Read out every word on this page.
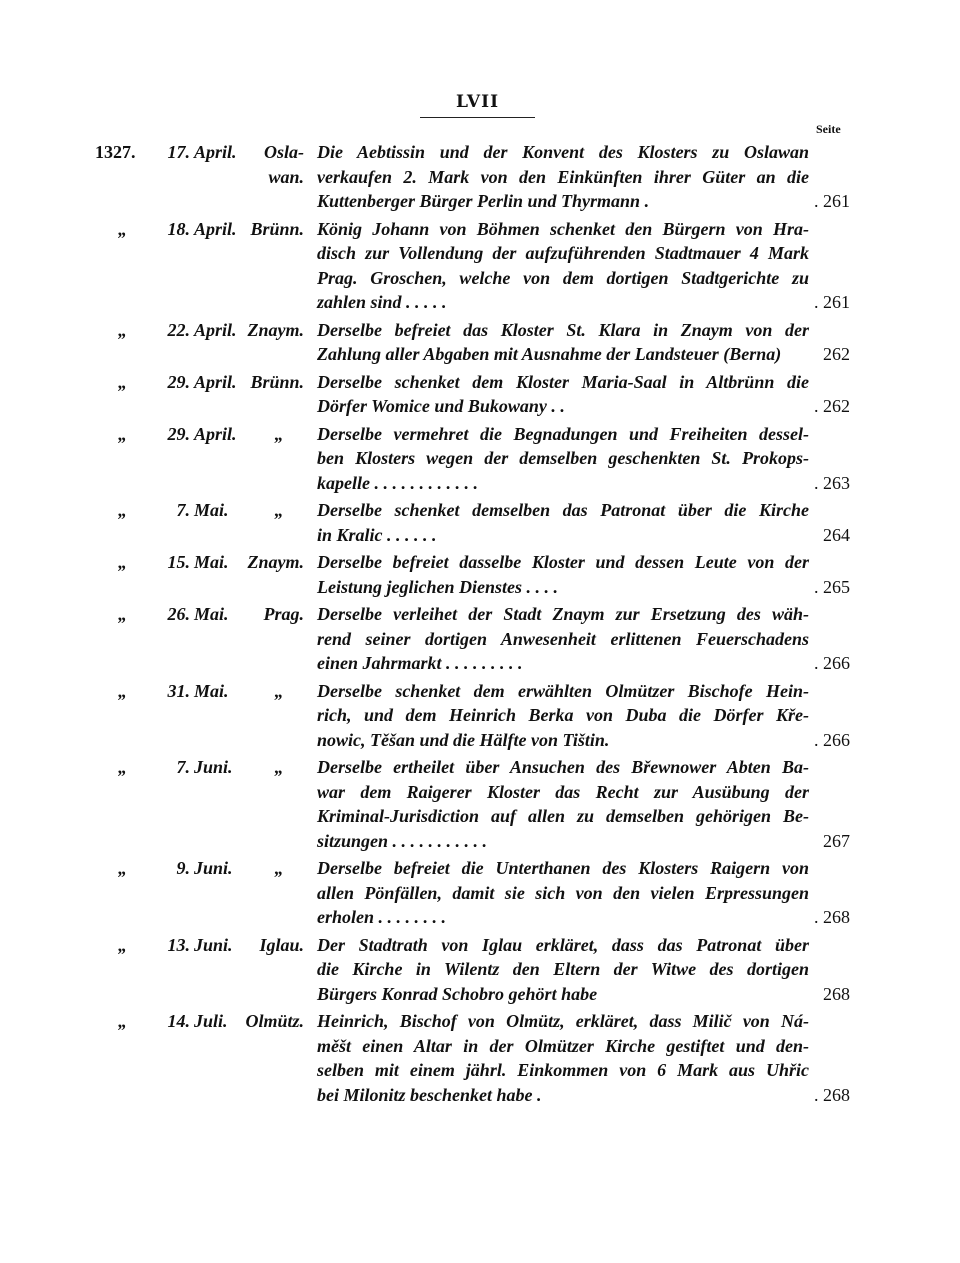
LVII
Seite
1327.	17. April.	Osla-
wan.
Die Aebtissin und der Konvent des Klosters zu Oslawan
verkaufen 2. Mark von den Einkünften ihrer Güter an die
Kuttenberger Bürger Perlin und Thyrmann .	. 261
„	18. April. Brünn. König Johann von Böhmen schenket den Bürgern von Hra-
disch zur Vollendung der aufzuführenden Stadtmauer 4 Mark
Prag. Groschen, welche von dem dortigen Stadtgerichte zu
zahlen sind . . . . .	. 261
„	22. April. Znaym. Derselbe befreiet das Kloster St. Klara in Znaym von der
Zahlung aller Abgaben mit Ausnahme der Landsteuer (Berna)	262
„	29. April. Brünn. Derselbe schenket dem Kloster Maria-Saal in Altbrünn die
Dörfer Womice und Bukowany . .	. 262
„	29. April.	„	Derselbe vermehret die Begnadungen und Freiheiten dessel-
ben Klosters wegen der demselben geschenkten St. Prokops-
kapelle . . . . . . . . . . . .	. 263
„	7. Mai.	„	Derselbe schenket demselben das Patronat über die Kirche
in Kralic . . . . . .	264
„	15. Mai.	Znaym. Derselbe befreiet dasselbe Kloster und dessen Leute von der
Leistung jeglichen Dienstes . . . .	. 265
„	26. Mai.	Prag. Derselbe verleihet der Stadt Znaym zur Ersetzung des wäh-
rend seiner dortigen Anwesenheit erlittenen Feuerschadens
einen Jahrmarkt . . . . . . . . .	. 266
„	31. Mai.	„	Derselbe schenket dem erwählten Olmützer Bischofe Hein-
rich, und dem Heinrich Berka von Duba die Dörfer Křе-
nowic, Těšan und die Hälfte von Tištin.	. 266
„	7. Juni.	„	Derselbe ertheilet über Ansuchen des Břewnower Abten Ba-
war dem Raigerer Kloster das Recht zur Ausübung der
Kriminal-Jurisdiction auf allen zu demselben gehörigen Be-
sitzungen . . . . . . . . . . .	267
„	9. Juni.	„	Derselbe befreiet die Unterthanen des Klosters Raigern von
allen Pönfällen, damit sie sich von den vielen Erpressungen
erholen . . . . . . . .	. 268
„	13. Juni.	Iglau. Der Stadtrath von Iglau erkläret, dass das Patronat über
die Kirche in Wilentz den Eltern der Witwe des dortigen
Bürgers Konrad Schobro gehört habe	268
„	14. Juli. Olmütz. Heinrich, Bischof von Olmütz, erkläret, dass Milič von Ná-
měšt einen Altar in der Olmützer Kirche gestiftet und den-
selben mit einem jährl. Einkommen von 6 Mark aus Uhřic
bei Milonitz beschenket habe .	. 268
